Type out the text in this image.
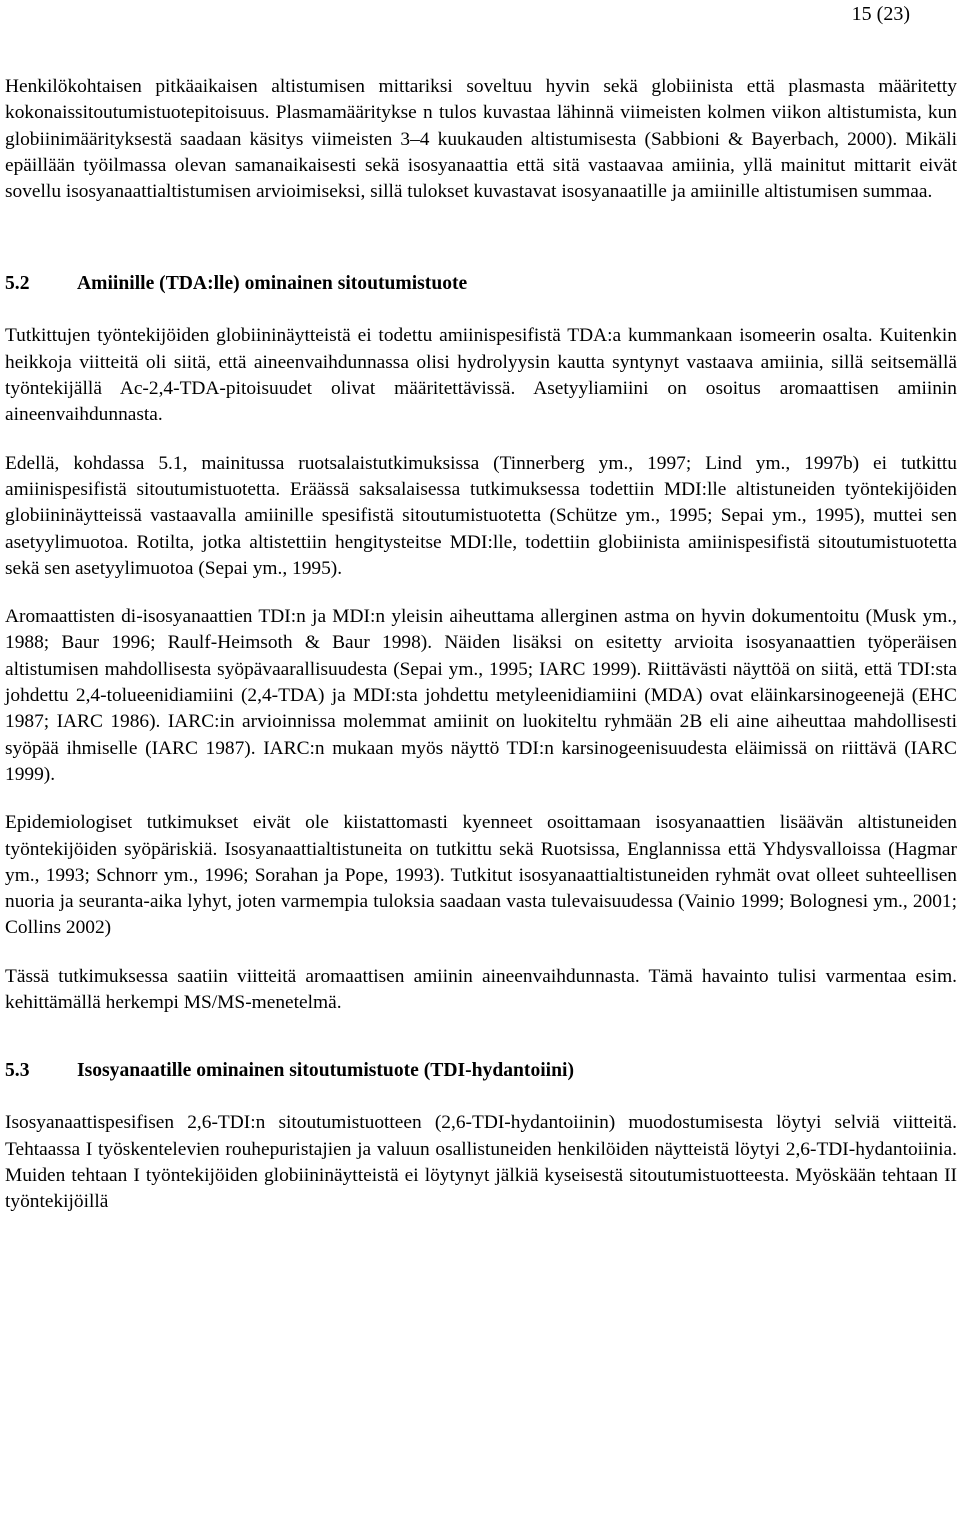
15 (23)

Henkilökohtaisen pitkäaikaisen altistumisen mittariksi soveltuu hyvin sekä globiinista että plasmasta määritetty kokonaissitoutumistuotepitoisuus. Plasmamääritykse n tulos kuvastaa lähinnä viimeisten kolmen viikon altistumista, kun globiinimäärityksestä saadaan käsitys viimeisten 3–4 kuukauden altistumisesta (Sabbioni & Bayerbach, 2000). Mikäli epäillään työilmassa olevan samanaikaisesti sekä isosyanaattia että sitä vastaavaa amiinia, yllä mainitut mittarit eivät sovellu isosyanaattialtistumisen arvioimiseksi, sillä tulokset kuvastavat isosyanaatille ja amiinille altistumisen summaa.

5.2	Amiinille (TDA:lle) ominainen sitoutumistuote

Tutkittujen työntekijöiden globiininäytteistä ei todettu amiinispesifistä TDA:a kummankaan isomeerin osalta. Kuitenkin heikkoja viitteitä oli siitä, että aineenvaihdunnassa olisi hydrolyysin kautta syntynyt vastaava amiinia, sillä seitsemällä työntekijällä Ac-2,4-TDA-pitoisuudet olivat määritettävissä. Asetyyliamiini on osoitus aromaattisen amiinin aineenvaihdunnasta.

Edellä, kohdassa 5.1, mainitussa ruotsalaistutkimuksissa (Tinnerberg ym., 1997; Lind ym., 1997b) ei tutkittu amiinispesifistä sitoutumistuotetta. Eräässä saksalaisessa tutkimuksessa todettiin MDI:lle altistuneiden työntekijöiden globiininäytteissä vastaavalla amiinille spesifistä sitoutumistuotetta (Schütze ym., 1995; Sepai ym., 1995), muttei sen asetyylimuotoa. Rotilta, jotka altistettiin hengitysteitse MDI:lle, todettiin globiinista amiinispesifistä sitoutumistuotetta sekä sen asetyylimuotoa (Sepai ym., 1995).

Aromaattisten di-isosyanaattien TDI:n ja MDI:n yleisin aiheuttama allerginen astma on hyvin dokumentoitu (Musk ym., 1988; Baur 1996; Raulf-Heimsoth & Baur 1998). Näiden lisäksi on esitetty arvioita isosyanaattien työperäisen altistumisen mahdollisesta syöpävaarallisuudesta (Sepai ym., 1995; IARC 1999). Riittävästi näyttöä on siitä, että TDI:sta johdettu 2,4-tolueenidiamiini (2,4-TDA) ja MDI:sta johdettu metyleenidiamiini (MDA) ovat eläinkarsinogeenejä (EHC 1987; IARC 1986). IARC:in arvioinnissa molemmat amiinit on luokiteltu ryhmään 2B eli aine aiheuttaa mahdollisesti syöpää ihmiselle (IARC 1987). IARC:n mukaan myös näyttö TDI:n karsinogeenisuudesta eläimissä on riittävä (IARC 1999).

Epidemiologiset tutkimukset eivät ole kiistattomasti kyenneet osoittamaan isosyanaattien lisäävän altistuneiden työntekijöiden syöpäriskiä. Isosyanaattialtistuneita on tutkittu sekä Ruotsissa, Englannissa että Yhdysvalloissa (Hagmar ym., 1993; Schnorr ym., 1996; Sorahan ja Pope, 1993). Tutkitut isosyanaattialtistuneiden ryhmät ovat olleet suhteellisen nuoria ja seuranta-aika lyhyt, joten varmempia tuloksia saadaan vasta tulevaisuudessa (Vainio 1999; Bolognesi ym., 2001; Collins 2002)

Tässä tutkimuksessa saatiin viitteitä aromaattisen amiinin aineenvaihdunnasta. Tämä havainto tulisi varmentaa esim. kehittämällä herkempi MS/MS-menetelmä.

5.3	Isosyanaatille ominainen sitoutumistuote (TDI-hydantoiini)

Isosyanaattispesifisen 2,6-TDI:n sitoutumistuotteen (2,6-TDI-hydantoiinin) muodostumisesta löytyi selviä viitteitä. Tehtaassa I työskentelevien rouhepuristajien ja valuun osallistuneiden henkilöiden näytteistä löytyi 2,6-TDI-hydantoiinia. Muiden tehtaan I työntekijöiden globiininäytteistä ei löytynyt jälkiä kyseisestä sitoutumistuotteesta. Myöskään tehtaan II työntekijöillä
